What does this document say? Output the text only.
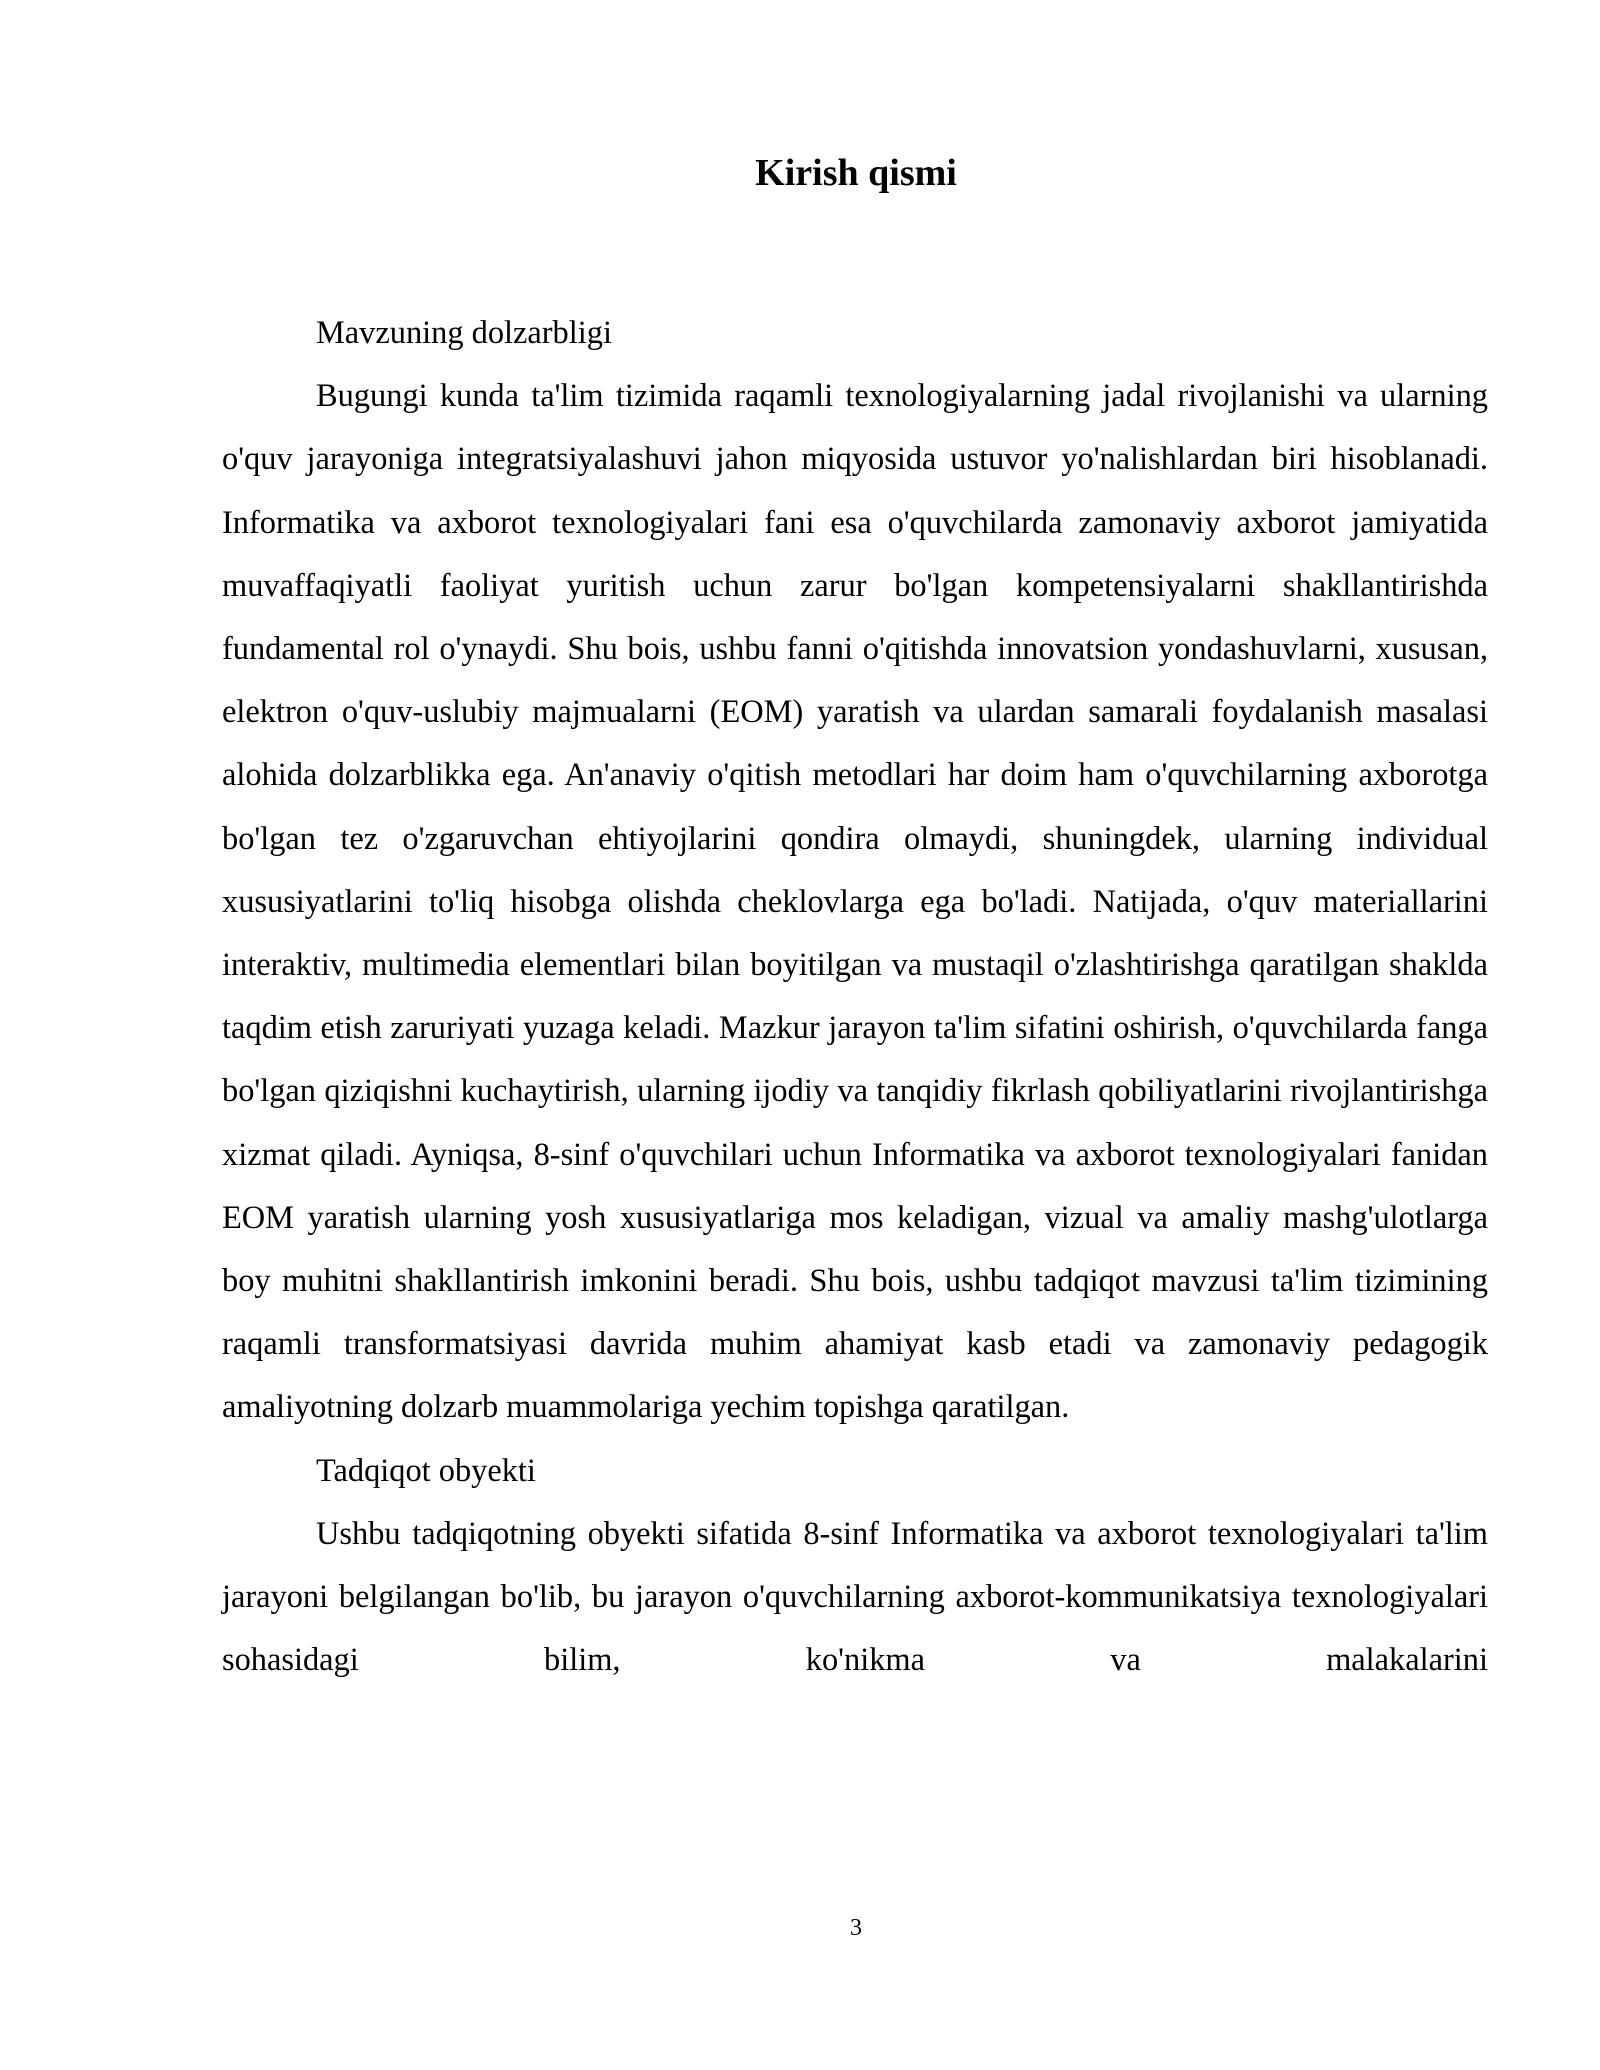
Kirish qismi

Mavzuning dolzarbligi

Bugungi kunda ta'lim tizimida raqamli texnologiyalarning jadal rivojlanishi va ularning o'quv jarayoniga integratsiyalashuvi jahon miqyosida ustuvor yo'nalishlardan biri hisoblanadi. Informatika va axborot texnologiyalari fani esa o'quvchilarda zamonaviy axborot jamiyatida muvaffaqiyatli faoliyat yuritish uchun zarur bo'lgan kompetensiyalarni shakllantirishda fundamental rol o'ynaydi. Shu bois, ushbu fanni o'qitishda innovatsion yondashuvlarni, xususan, elektron o'quv-uslubiy majmualarni (EOM) yaratish va ulardan samarali foydalanish masalasi alohida dolzarblikka ega. An'anaviy o'qitish metodlari har doim ham o'quvchilarning axborotga bo'lgan tez o'zgaruvchan ehtiyojlarini qondira olmaydi, shuningdek, ularning individual xususiyatlarini to'liq hisobga olishda cheklovlarga ega bo'ladi. Natijada, o'quv materiallarini interaktiv, multimedia elementlari bilan boyitilgan va mustaqil o'zlashtirishga qaratilgan shaklda taqdim etish zaruriyati yuzaga keladi. Mazkur jarayon ta'lim sifatini oshirish, o'quvchilarda fanga bo'lgan qiziqishni kuchaytirish, ularning ijodiy va tanqidiy fikrlash qobiliyatlarini rivojlantirishga xizmat qiladi. Ayniqsa, 8-sinf o'quvchilari uchun Informatika va axborot texnologiyalari fanidan EOM yaratish ularning yosh xususiyatlariga mos keladigan, vizual va amaliy mashg'ulotlarga boy muhitni shakllantirish imkonini beradi. Shu bois, ushbu tadqiqot mavzusi ta'lim tizimining raqamli transformatsiyasi davrida muhim ahamiyat kasb etadi va zamonaviy pedagogik amaliyotning dolzarb muammolariga yechim topishga qaratilgan.

Tadqiqot obyekti

Ushbu tadqiqotning obyekti sifatida 8-sinf Informatika va axborot texnologiyalari ta'lim jarayoni belgilangan bo'lib, bu jarayon o'quvchilarning axborot-kommunikatsiya texnologiyalari sohasidagi bilim, ko'nikma va malakalarini

3
